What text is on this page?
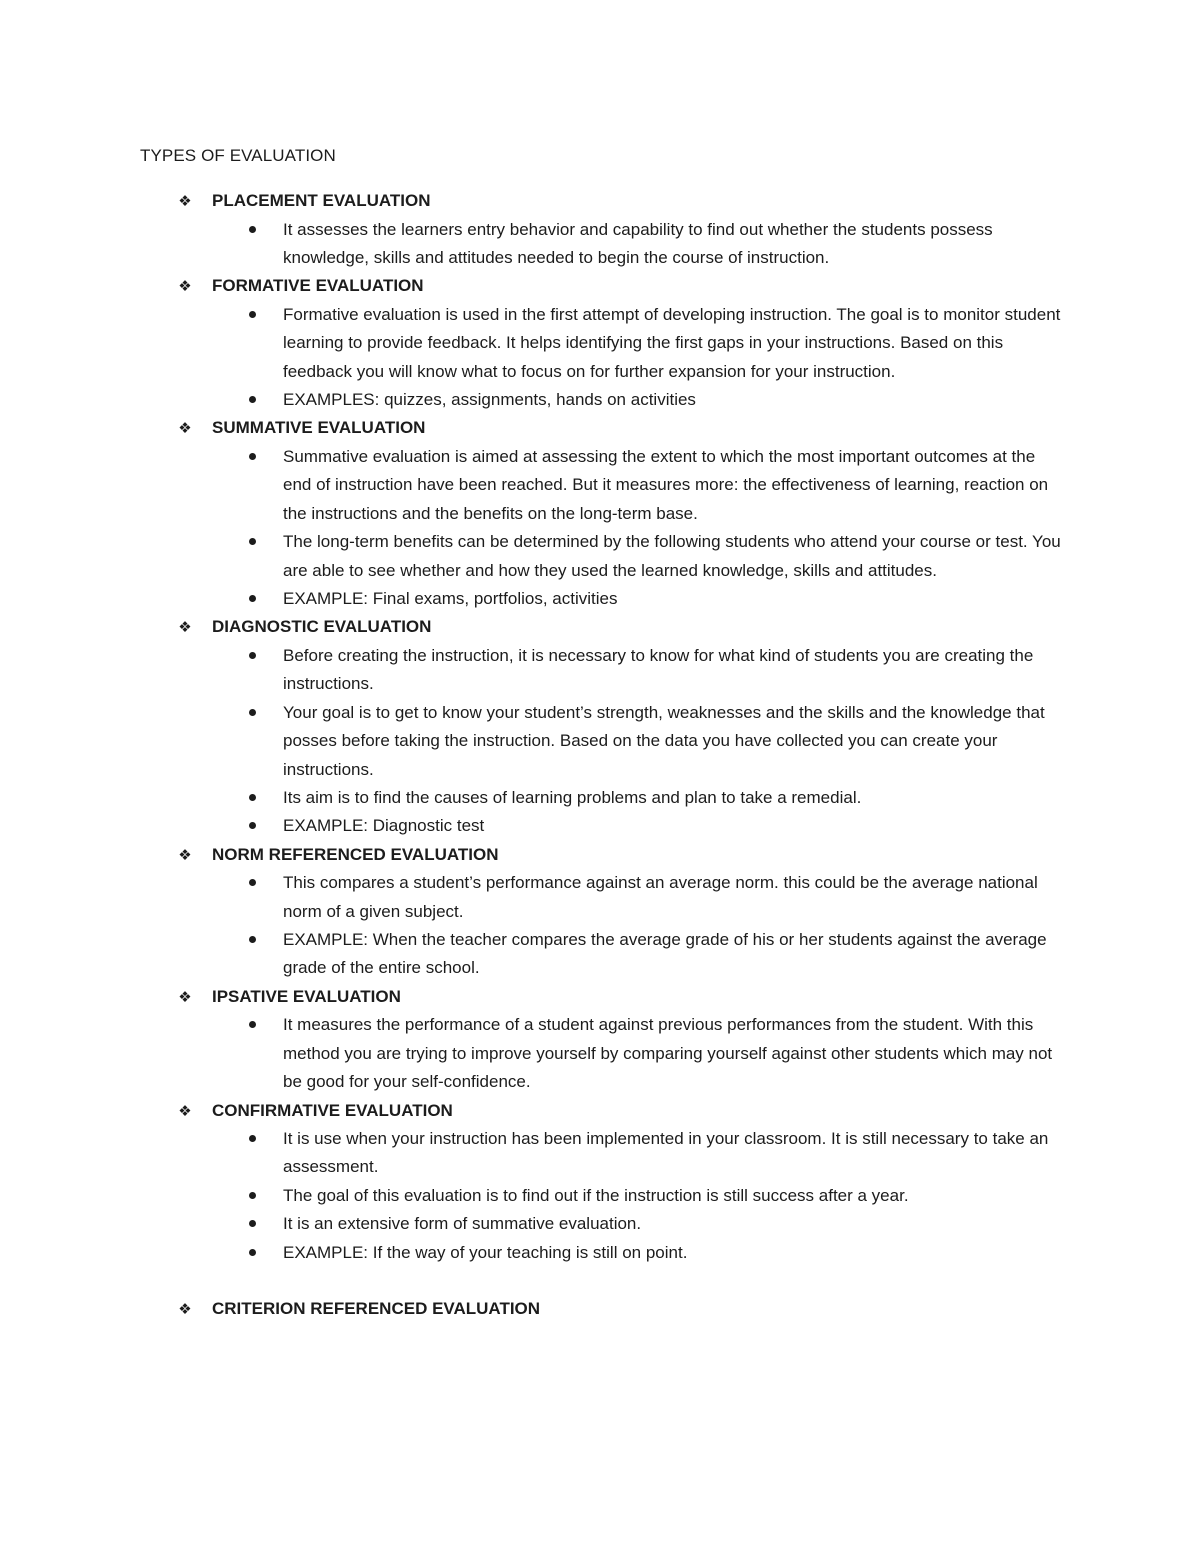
TYPES OF EVALUATION
❖ PLACEMENT EVALUATION
It assesses the learners entry behavior and capability to find out whether the students possess knowledge, skills and attitudes needed to begin the course of instruction.
❖ FORMATIVE EVALUATION
Formative evaluation is used in the first attempt of developing instruction. The goal is to monitor student learning to provide feedback. It helps identifying the first gaps in your instructions. Based on this feedback you will know what to focus on for further expansion for your instruction.
EXAMPLES: quizzes, assignments, hands on activities
❖ SUMMATIVE EVALUATION
Summative evaluation is aimed at assessing the extent to which the most important outcomes at the end of instruction have been reached. But it measures more: the effectiveness of learning, reaction on the instructions and the benefits on the long-term base.
The long-term benefits can be determined by the following students who attend your course or test. You are able to see whether and how they used the learned knowledge, skills and attitudes.
EXAMPLE: Final exams, portfolios, activities
❖ DIAGNOSTIC EVALUATION
Before creating the instruction, it is necessary to know for what kind of students you are creating the instructions.
Your goal is to get to know your student’s strength, weaknesses and the skills and the knowledge that posses before taking the instruction. Based on the data you have collected you can create your instructions.
Its aim is to find the causes of learning problems and plan to take a remedial.
EXAMPLE: Diagnostic test
❖ NORM REFERENCED EVALUATION
This compares a student’s performance against an average norm. this could be the average national norm of a given subject.
EXAMPLE: When the teacher compares the average grade of his or her students against the average grade of the entire school.
❖ IPSATIVE EVALUATION
It measures the performance of a student against previous performances from the student. With this method you are trying to improve yourself by comparing yourself against other students which may not be good for your self-confidence.
❖ CONFIRMATIVE EVALUATION
It is use when your instruction has been implemented in your classroom. It is still necessary to take an assessment.
The goal of this evaluation is to find out if the instruction is still success after a year.
It is an extensive form of summative evaluation.
EXAMPLE: If the way of your teaching is still on point.
❖ CRITERION REFERENCED EVALUATION
